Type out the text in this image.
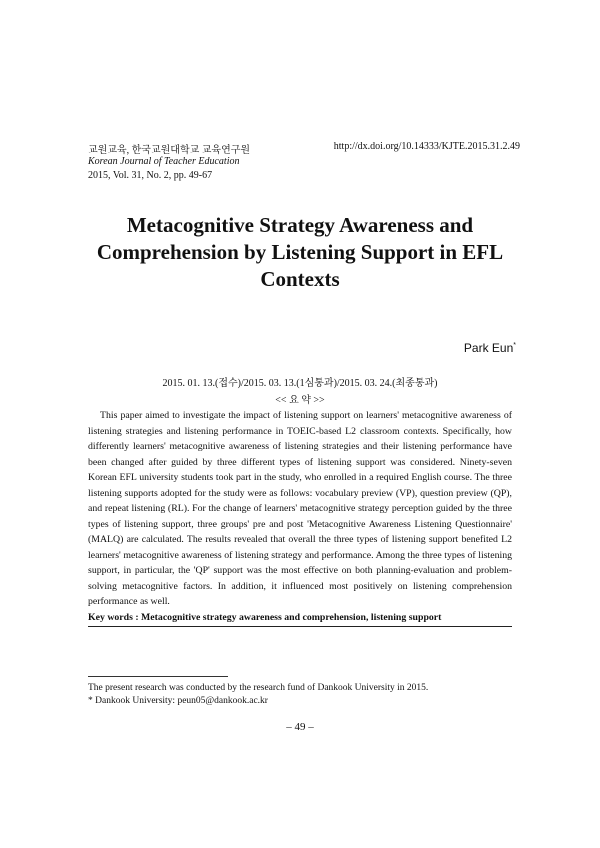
교원교육, 한국교원대학교 교육연구원	http://dx.doi.org/10.14333/KJTE.2015.31.2.49
Korean Journal of Teacher Education
2015, Vol. 31, No. 2, pp. 49-67
Metacognitive Strategy Awareness and Comprehension by Listening Support in EFL Contexts
Park Eun*
2015. 01. 13.(접수)/2015. 03. 13.(1심통과)/2015. 03. 24.(최종통과)
<< 요 약 >>

This paper aimed to investigate the impact of listening support on learners' metacognitive awareness of listening strategies and listening performance in TOEIC-based L2 classroom contexts. Specifically, how differently learners' metacognitive awareness of listening strategies and their listening performance have been changed after guided by three different types of listening support was considered. Ninety-seven Korean EFL university students took part in the study, who enrolled in a required English course. The three listening supports adopted for the study were as follows: vocabulary preview (VP), question preview (QP), and repeat listening (RL). For the change of learners' metacognitive strategy perception guided by the three types of listening support, three groups' pre and post 'Metacognitive Awareness Listening Questionnaire' (MALQ) are calculated. The results revealed that overall the three types of listening support benefited L2 learners' metacognitive awareness of listening strategy and performance. Among the three types of listening support, in particular, the 'QP' support was the most effective on both planning-evaluation and problem-solving metacognitive factors. In addition, it influenced most positively on listening comprehension performance as well.

Key words : Metacognitive strategy awareness and comprehension, listening support
The present research was conducted by the research fund of Dankook University in 2015.
* Dankook University: peun05@dankook.ac.kr
– 49 –
